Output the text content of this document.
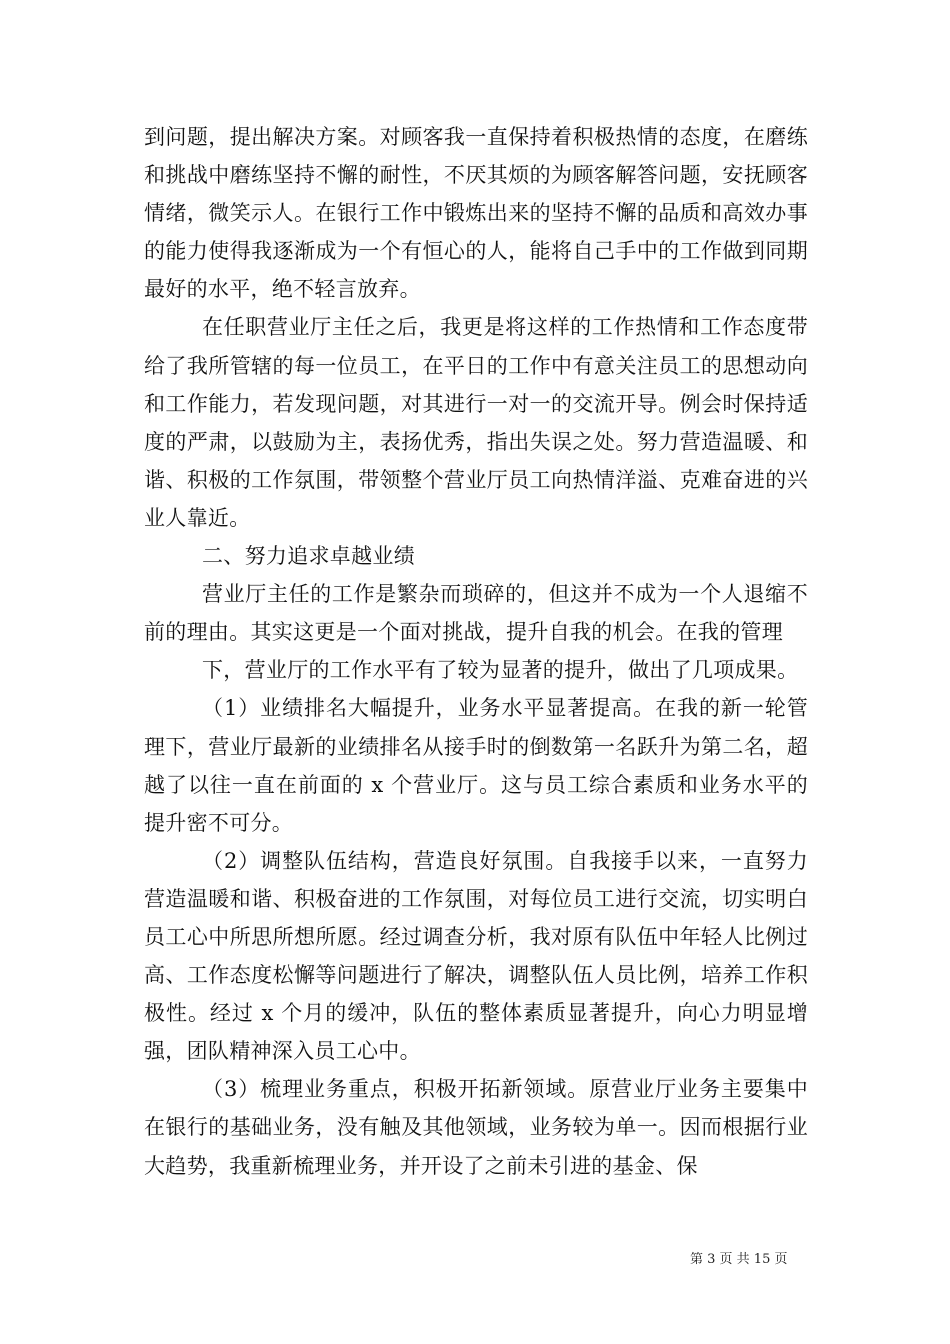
到问题，提出解决方案。对顾客我一直保持着积极热情的态度，在磨练和挑战中磨练坚持不懈的耐性，不厌其烦的为顾客解答问题，安抚顾客情绪，微笑示人。在银行工作中锻炼出来的坚持不懈的品质和高效办事的能力使得我逐渐成为一个有恒心的人，能将自己手中的工作做到同期最好的水平，绝不轻言放弃。

在任职营业厅主任之后，我更是将这样的工作热情和工作态度带给了我所管辖的每一位员工，在平日的工作中有意关注员工的思想动向和工作能力，若发现问题，对其进行一对一的交流开导。例会时保持适度的严肃，以鼓励为主，表扬优秀，指出失误之处。努力营造温暖、和谐、积极的工作氛围，带领整个营业厅员工向热情洋溢、克难奋进的兴业人靠近。

二、努力追求卓越业绩

营业厅主任的工作是繁杂而琐碎的，但这并不成为一个人退缩不前的理由。其实这更是一个面对挑战，提升自我的机会。在我的管理

下，营业厅的工作水平有了较为显著的提升，做出了几项成果。

（1）业绩排名大幅提升，业务水平显著提高。在我的新一轮管理下，营业厅最新的业绩排名从接手时的倒数第一名跃升为第二名，超越了以往一直在前面的 x 个营业厅。这与员工综合素质和业务水平的提升密不可分。

（2）调整队伍结构，营造良好氛围。自我接手以来，一直努力营造温暖和谐、积极奋进的工作氛围，对每位员工进行交流，切实明白员工心中所思所想所愿。经过调查分析，我对原有队伍中年轻人比例过高、工作态度松懈等问题进行了解决，调整队伍人员比例，培养工作积极性。经过 x 个月的缓冲，队伍的整体素质显著提升，向心力明显增强，团队精神深入员工心中。

（3）梳理业务重点，积极开拓新领域。原营业厅业务主要集中在银行的基础业务，没有触及其他领域，业务较为单一。因而根据行业大趋势，我重新梳理业务，并开设了之前未引进的基金、保

第 3 页 共 15 页
